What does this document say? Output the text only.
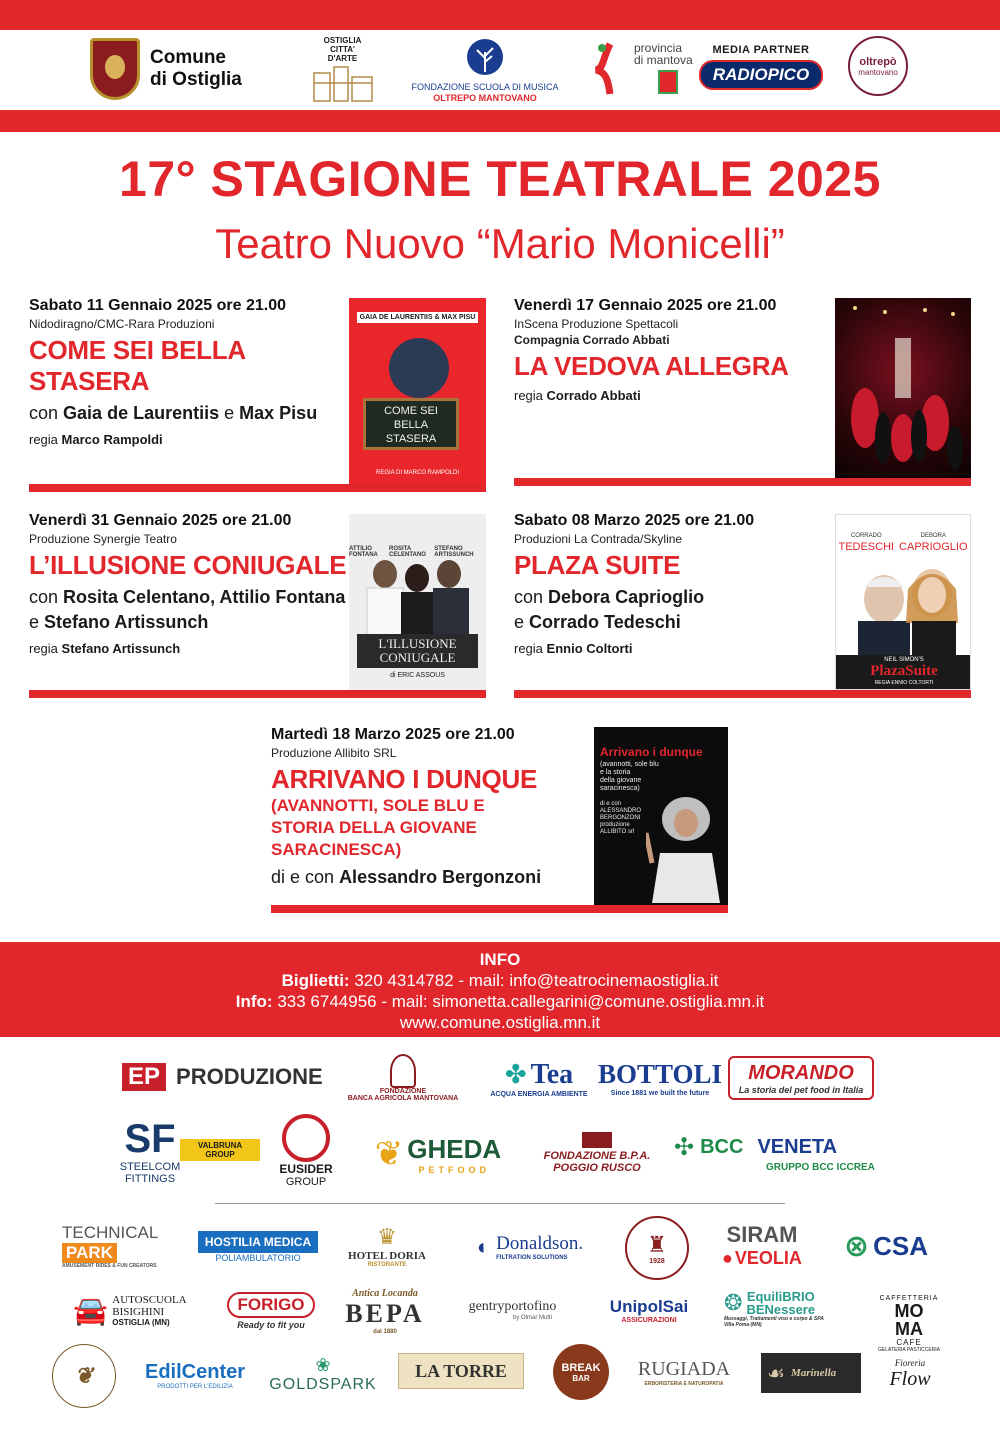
Comune
di Ostiglia
OSTIGLIA
CITTA'
D'ARTE
FONDAZIONE SCUOLA DI MUSICA
OLTREPO MANTOVANO
provincia
di mantova
MEDIA PARTNER
RADIOPICO
oltrepò
mantovano
17° STAGIONE TEATRALE 2025
Teatro Nuovo “Mario Monicelli”
Sabato 11 Gennaio 2025 ore 21.00
Nidodiragno/CMC-Rara Produzioni
COME SEI BELLA STASERA
con Gaia de Laurentiis e Max Pisu
regia Marco Rampoldi
GAIA DE LAURENTIIS & MAX PISU
COME SEI
BELLA
STASERA
REGIA DI MARCO RAMPOLDI
Venerdì 17 Gennaio 2025 ore 21.00
InScena Produzione Spettacoli
Compagnia Corrado Abbati
LA VEDOVA ALLEGRA
regia Corrado Abbati
Venerdì 31 Gennaio 2025 ore 21.00
Produzione Synergie Teatro
L’ILLUSIONE CONIUGALE
con Rosita Celentano, Attilio Fontana
e Stefano Artissunch
regia Stefano Artissunch
ATTILIO FONTANA
ROSITA CELENTANO
STEFANO ARTISSUNCH
L'ILLUSIONE
CONIUGALE
di ERIC ASSOUS
Sabato 08 Marzo 2025 ore 21.00
Produzioni La Contrada/Skyline
PLAZA SUITE
con Debora Caprioglio
e Corrado Tedeschi
regia Ennio Coltorti
CORRADO
TEDESCHI
DEBORA
CAPRIOGLIO
NEIL SIMON'S
PlazaSuite
REGIA ENNIO COLTORTI
Martedì 18 Marzo 2025 ore 21.00
Produzione Allibito SRL
ARRIVANO I DUNQUE
(AVANNOTTI, SOLE BLU E
STORIA DELLA GIOVANE SARACINESCA)
di e con Alessandro Bergonzoni
Arrivano i dunque
(avannotti, sole blu
e la storia
della giovane
saracinesca)
di e con
ALESSANDRO
BERGONZONI
produzione
ALLIBITO srl
INFO
Biglietti: 320 4314782 - mail: info@teatrocinemaostiglia.it
Info: 333 6744956 - mail: simonetta.callegarini@comune.ostiglia.mn.it
www.comune.ostiglia.mn.it
EP PRODUZIONE
FONDAZIONE
BANCA AGRICOLA MANTOVANA
✤ Tea
ACQUA ENERGIA AMBIENTE
BOTTOLI
Since 1881 we built the future
MORANDO
La storia del pet food in Italia
SF
STEELCOM
FITTINGS
VALBRUNA GROUP
EUSIDER
GROUP
❦ GHEDA
PETFOOD
FONDAZIONE B.P.A.
POGGIO RUSCO
✣ BCC VENETA
GRUPPO BCC ICCREA
TECHNICAL
PARK
AMUSEMENT RIDES & FUN CREATORS
HOSTILIA MEDICA
POLIAMBULATORIO
♛
HOTEL DORIA
RISTORANTE
◐ Donaldson.
FILTRATION SOLUTIONS
♜
1928
SIRAM
● VEOLIA ⊗ CSA
🚘 AUTOSCUOLA
BISIGHINI
OSTIGLIA (MN)
FORIGO
Ready to fit you
Antica Locanda
BEPA
dal 1880
gentryportofino
by Olmar Mutti
UnipolSai
ASSICURAZIONI
❂ EquiliBRIO
BENessere
Massaggi, Trattamenti viso e corpo & SPA
Villa Poma (MN)
CAFFETTERIA
MO
MA
CAFE
GELATERIA PASTICCERIA
❦	EdilCenter
PRODOTTI PER L'EDILIZIA
❀
GOLDSPARK
LA TORRE	BREAK
BAR RUGIADA
ERBORISTERIA E NATUROPATIA ☙ Marinella
Fioreria
Flow
